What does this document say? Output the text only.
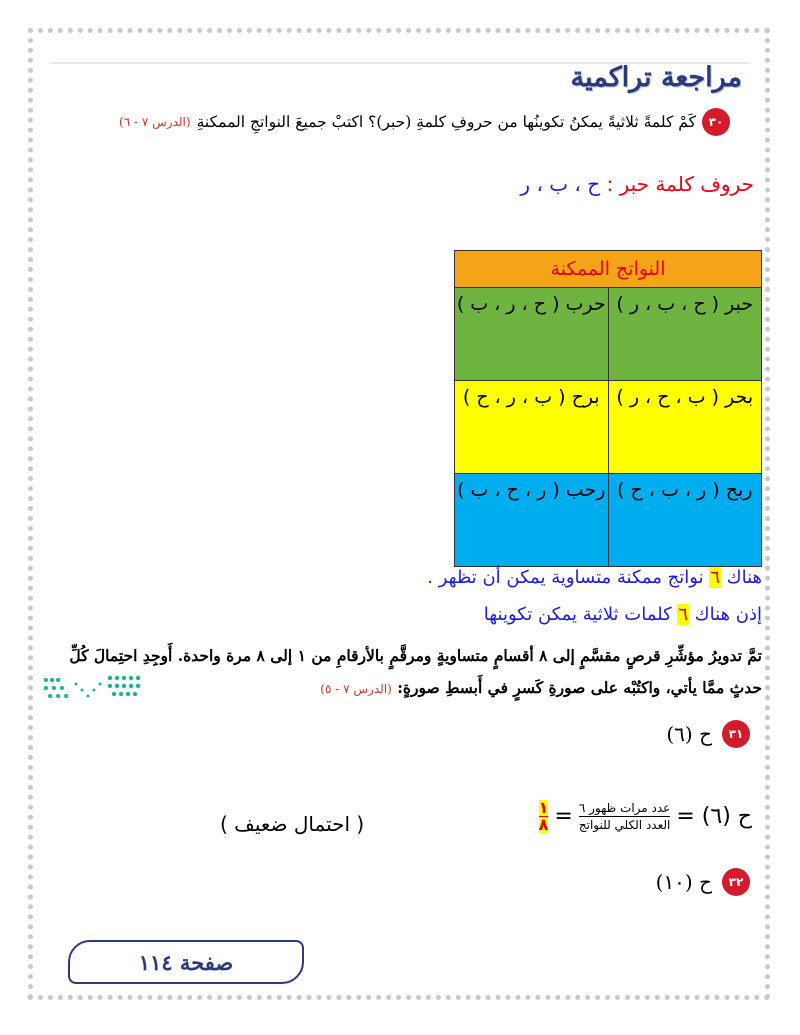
مراجعة تراكمية
٣٠
كَمْ كلمةً ثلاثيةً يمكنُ تكوينُها من حروفِ كلمةِ (حبر)؟ اكتبْ جميعَ النواتجِ الممكنةِ
(الدرس ٧ - ٦)
حروف كلمة حبر : ح ، ب ، ر
النواتج الممكنة	
حبر ( ح ، ب ، ر )	حرب ( ح ، ر ، ب )
بحر ( ب ، ح ، ر )	برح ( ب ، ر ، ح )
ربح ( ر ، ب ، ح )	رحب ( ر ، ح ، ب )
هناك ٦ نواتج ممكنة متساوية يمكن أن تظهر .
إذن هناك ٦ كلمات ثلاثية يمكن تكوينها
تمَّ تدويرُ مؤشِّرِ قرصٍ مقسَّمٍ إلى ٨ أقسامٍ متساويةٍ ومرقَّمٍ بالأرقامِ من ١ إلى ٨ مرة واحدة. أَوجِدِ احتِمالَ كُلِّ
حدثٍ ممَّا يأتي، واكتُبْه على صورةِ كَسرٍ في أَبسطِ صورةٍ: (الدرس ٧ - ٥)
٣١
ح (٦)
ح (٦) =
$\frac{\text{عدد مرات ظهور ٦}}{\text{العدد الكلي للنواتج}}$
=
$\frac{١}{٨}$
( احتمال ضعيف )
٣٢
ح (١٠)
صفحة ١١٤
